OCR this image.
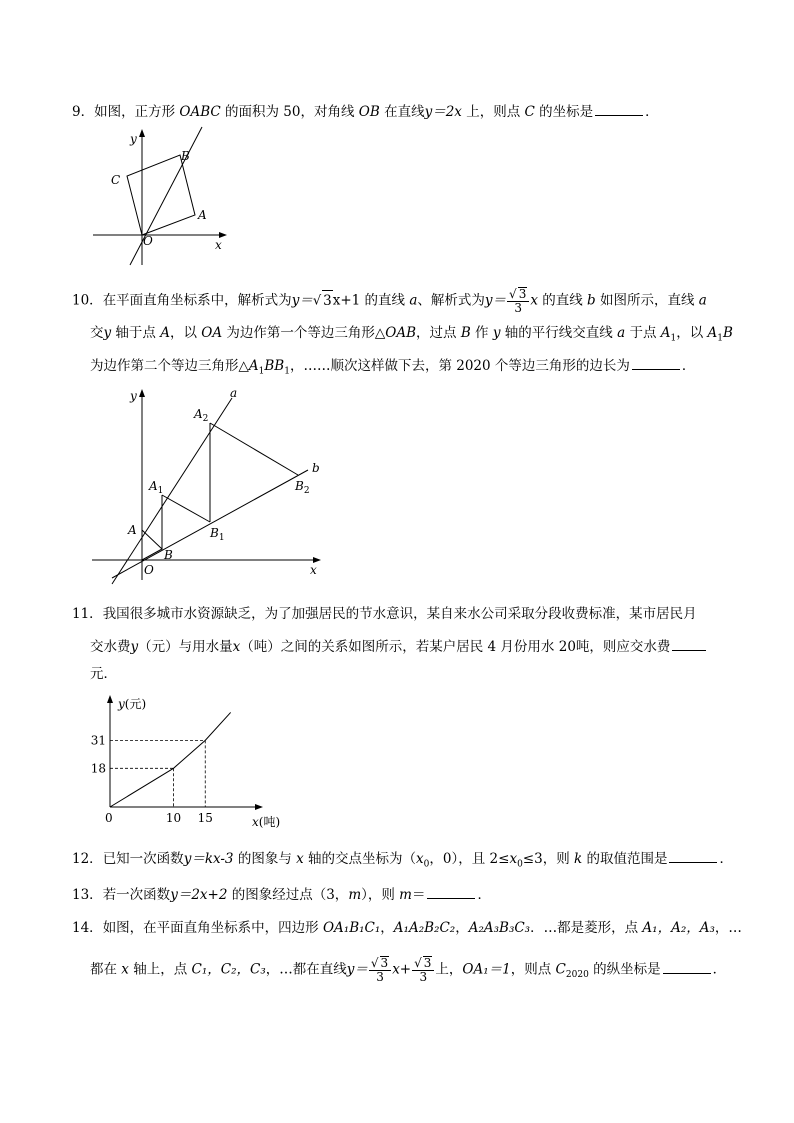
9．如图，正方形 OABC 的面积为 50，对角线 OB 在直线y＝2x 上，则点 C 的坐标是	．
y
x
O
A
B
C
10．在平面直角坐标系中，解析式为y＝√ 3x+1 的直线 a、解析式为$y= \frac{√ 3}{3}$ x 的直线 b 如图所示，直线 a
交y 轴于点 A，以 OA 为边作第一个等边三角形△OAB，过点 B 作 y 轴的平行线交直线 a 于点 $A_1$，以 $A_1B$
为边作第二个等边三角形$\triangle A_1BB_1$，……顺次这样做下去，第 2020 个等边三角形的边长为	．
y
x
O
A
B
$A_1$
$B_1$
$A_2$
$B_2$
a
b
11．我国很多城市水资源缺乏，为了加强居民的节水意识，某自来水公司采取分段收费标准，某市居民月
交水费y（元）与用水量x（吨）之间的关系如图所示，若某户居民 4 月份用水 20吨，则应交水费
元．
y(元)
x(吨)
0	10 15
18
31
12．已知一次函数y＝kx-3 的图象与 x 轴的交点坐标为（$x_0$，0），且 $2\le x_0\le 3$，则 k 的取值范围是	．
13．若一次函数y＝2x+2 的图象经过点（3，m），则 m＝	．
14．如图，在平面直角坐标系中，四边形 OA₁B₁C₁，A₁A₂B₂C₂，A₂A₃B₃C₃．…都是菱形，点 A₁，A₂，A₃，…
都在 x 轴上，点 C₁，C₂，C₃，…都在直线$y= \frac{√ 3}{3} x+ \frac{√ 3}{3}$ 上，OA₁＝1，则点 $C_{2020}$ 的纵坐标是	．
